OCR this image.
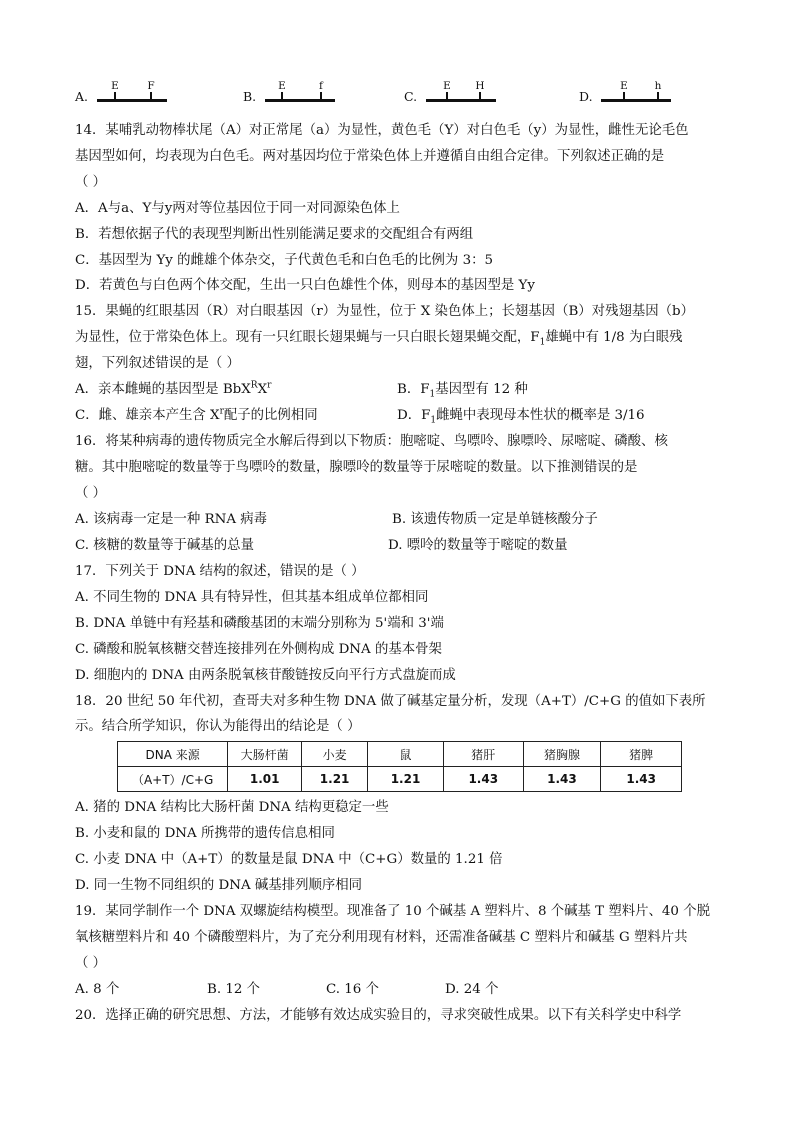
A.
E	F
B.
E	f
C.
E H
D.
E	h
14．某哺乳动物棒状尾（A）对正常尾（a）为显性，黄色毛（Y）对白色毛（y）为显性，雌性无论毛色
基因型如何，均表现为白色毛。两对基因均位于常染色体上并遵循自由组合定律。下列叙述正确的是
（ ）
A．A与a、Y与y两对等位基因位于同一对同源染色体上
B．若想依据子代的表现型判断出性别能满足要求的交配组合有两组
C．基因型为 Yy 的雌雄个体杂交，子代黄色毛和白色毛的比例为 3：5
D．若黄色与白色两个体交配，生出一只白色雄性个体，则母本的基因型是 Yy
15．果蝇的红眼基因（R）对白眼基因（r）为显性，位于 X 染色体上；长翅基因（B）对残翅基因（b）
为显性，位于常染色体上。现有一只红眼长翅果蝇与一只白眼长翅果蝇交配，$F_1$雄蝇中有 1/8 为白眼残
翅，下列叙述错误的是（ ）
A．亲本雌蝇的基因型是 $BbX^RX^r$	B．$F_1$基因型有 12 种
C．雌、雄亲本产生含 $X^r$配子的比例相同	D．$F_1$雌蝇中表现母本性状的概率是 3/16
16．将某种病毒的遗传物质完全水解后得到以下物质：胞嘧啶、鸟嘌呤、腺嘌呤、尿嘧啶、磷酸、核
糖。其中胞嘧啶的数量等于鸟嘌呤的数量，腺嘌呤的数量等于尿嘧啶的数量。以下推测错误的是
（ ）
A. 该病毒一定是一种 RNA 病毒	B. 该遗传物质一定是单链核酸分子
C. 核糖的数量等于碱基的总量	D. 嘌呤的数量等于嘧啶的数量
17．下列关于 DNA 结构的叙述，错误的是（ ）
A. 不同生物的 DNA 具有特异性，但其基本组成单位都相同
B. DNA 单链中有羟基和磷酸基团的末端分别称为 5'端和 3'端
C. 磷酸和脱氧核糖交替连接排列在外侧构成 DNA 的基本骨架
D. 细胞内的 DNA 由两条脱氧核苷酸链按反向平行方式盘旋而成
18．20 世纪 50 年代初，查哥夫对多种生物 DNA 做了碱基定量分析，发现（A+T）/C+G 的值如下表所
示。结合所学知识，你认为能得出的结论是（ ）
DNA 来源	大肠杆菌	小麦	鼠	猪肝	猪胸腺	猪脾
（A+T）/C+G	1.01	1.21	1.21	1.43	1.43	1.43
A. 猪的 DNA 结构比大肠杆菌 DNA 结构更稳定一些
B. 小麦和鼠的 DNA 所携带的遗传信息相同
C. 小麦 DNA 中（A+T）的数量是鼠 DNA 中（C+G）数量的 1.21 倍
D. 同一生物不同组织的 DNA 碱基排列顺序相同
19．某同学制作一个 DNA 双螺旋结构模型。现准备了 10 个碱基 A 塑料片、8 个碱基 T 塑料片、40 个脱
氧核糖塑料片和 40 个磷酸塑料片，为了充分利用现有材料，还需准备碱基 C 塑料片和碱基 G 塑料片共
（ ）
A. 8 个	B. 12 个	C. 16 个	D. 24 个
20．选择正确的研究思想、方法，才能够有效达成实验目的，寻求突破性成果。以下有关科学史中科学
